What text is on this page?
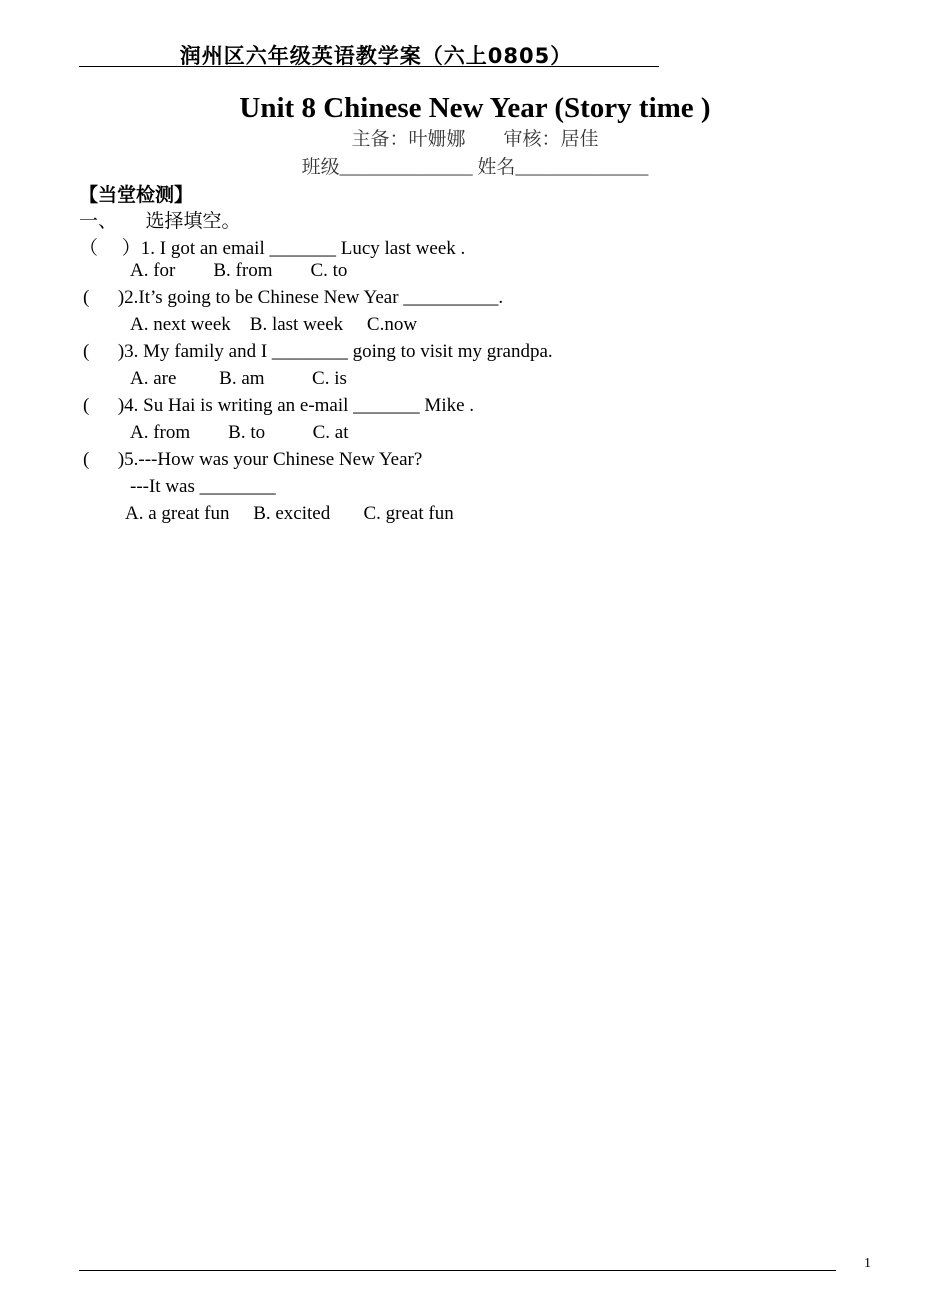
润州区六年级英语教学案（六上0805）
Unit 8 Chinese New Year (Story time )
主备：叶姗娜 审核：居佳
班级______________ 姓名______________
【当堂检测】
一、 选择填空。
（     ）1. I got an email _______ Lucy last week .
A. for        B. from        C. to
(      )2.It’s going to be Chinese New Year __________.
A. next week    B. last week     C.now
(      )3. My family and I ________ going to visit my grandpa.
A. are         B. am          C. is
(      )4. Su Hai is writing an e-mail _______ Mike .
A. from        B. to          C. at
(      )5.---How was your Chinese New Year?
---It was ________
A. a great fun     B. excited       C. great fun
1
